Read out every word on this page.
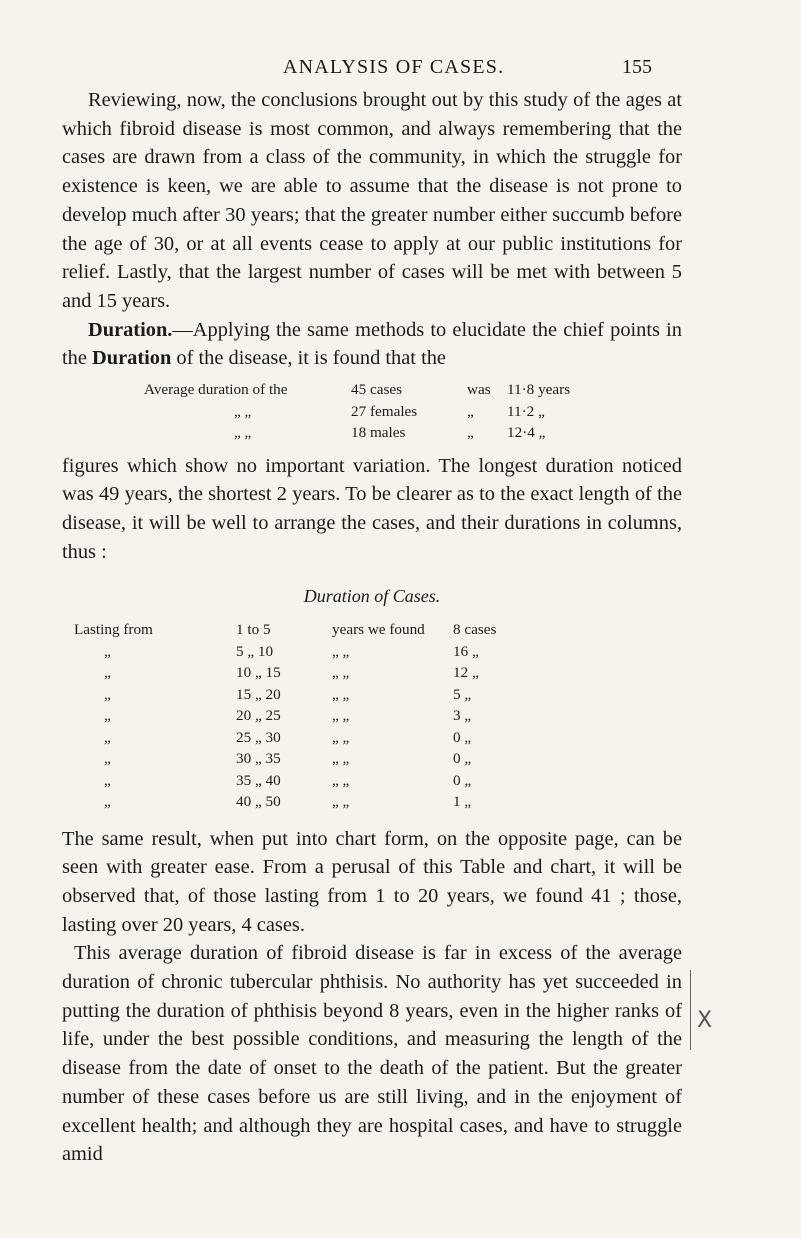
ANALYSIS OF CASES.	155

Reviewing, now, the conclusions brought out by this study of the ages at which fibroid disease is most common, and always remembering that the cases are drawn from a class of the community, in which the struggle for existence is keen, we are able to assume that the disease is not prone to develop much after 30 years; that the greater number either succumb before the age of 30, or at all events cease to apply at our public institutions for relief. Lastly, that the largest number of cases will be met with between 5 and 15 years.

Duration.—Applying the same methods to elucidate the chief points in the Duration of the disease, it is found that the

Average duration of the	45 cases	was	11·8 years
„ „	27 females	„	11·2 „
„ „	18 males	„	12·4 „

figures which show no important variation. The longest duration noticed was 49 years, the shortest 2 years. To be clearer as to the exact length of the disease, it will be well to arrange the cases, and their durations in columns, thus :

Duration of Cases.
Lasting from	1 to 5	years we found	8 cases
„	5 „ 10	„ „	16 „
„	10 „ 15	„ „	12 „
„	15 „ 20	„ „	5 „
„	20 „ 25	„ „	3 „
„	25 „ 30	„ „	0 „
„	30 „ 35	„ „	0 „
„	35 „ 40	„ „	0 „
„	40 „ 50	„ „	1 „

The same result, when put into chart form, on the opposite page, can be seen with greater ease. From a perusal of this Table and chart, it will be observed that, of those lasting from 1 to 20 years, we found 41 ; those, lasting over 20 years, 4 cases.

This average duration of fibroid disease is far in excess of the average duration of chronic tubercular phthisis. No authority has yet succeeded in putting the duration of phthisis beyond 8 years, even in the higher ranks of life, under the best possible conditions, and measuring the length of the disease from the date of onset to the death of the patient. But the greater number of these cases before us are still living, and in the enjoyment of excellent health; and although they are hospital cases, and have to struggle amid

X
